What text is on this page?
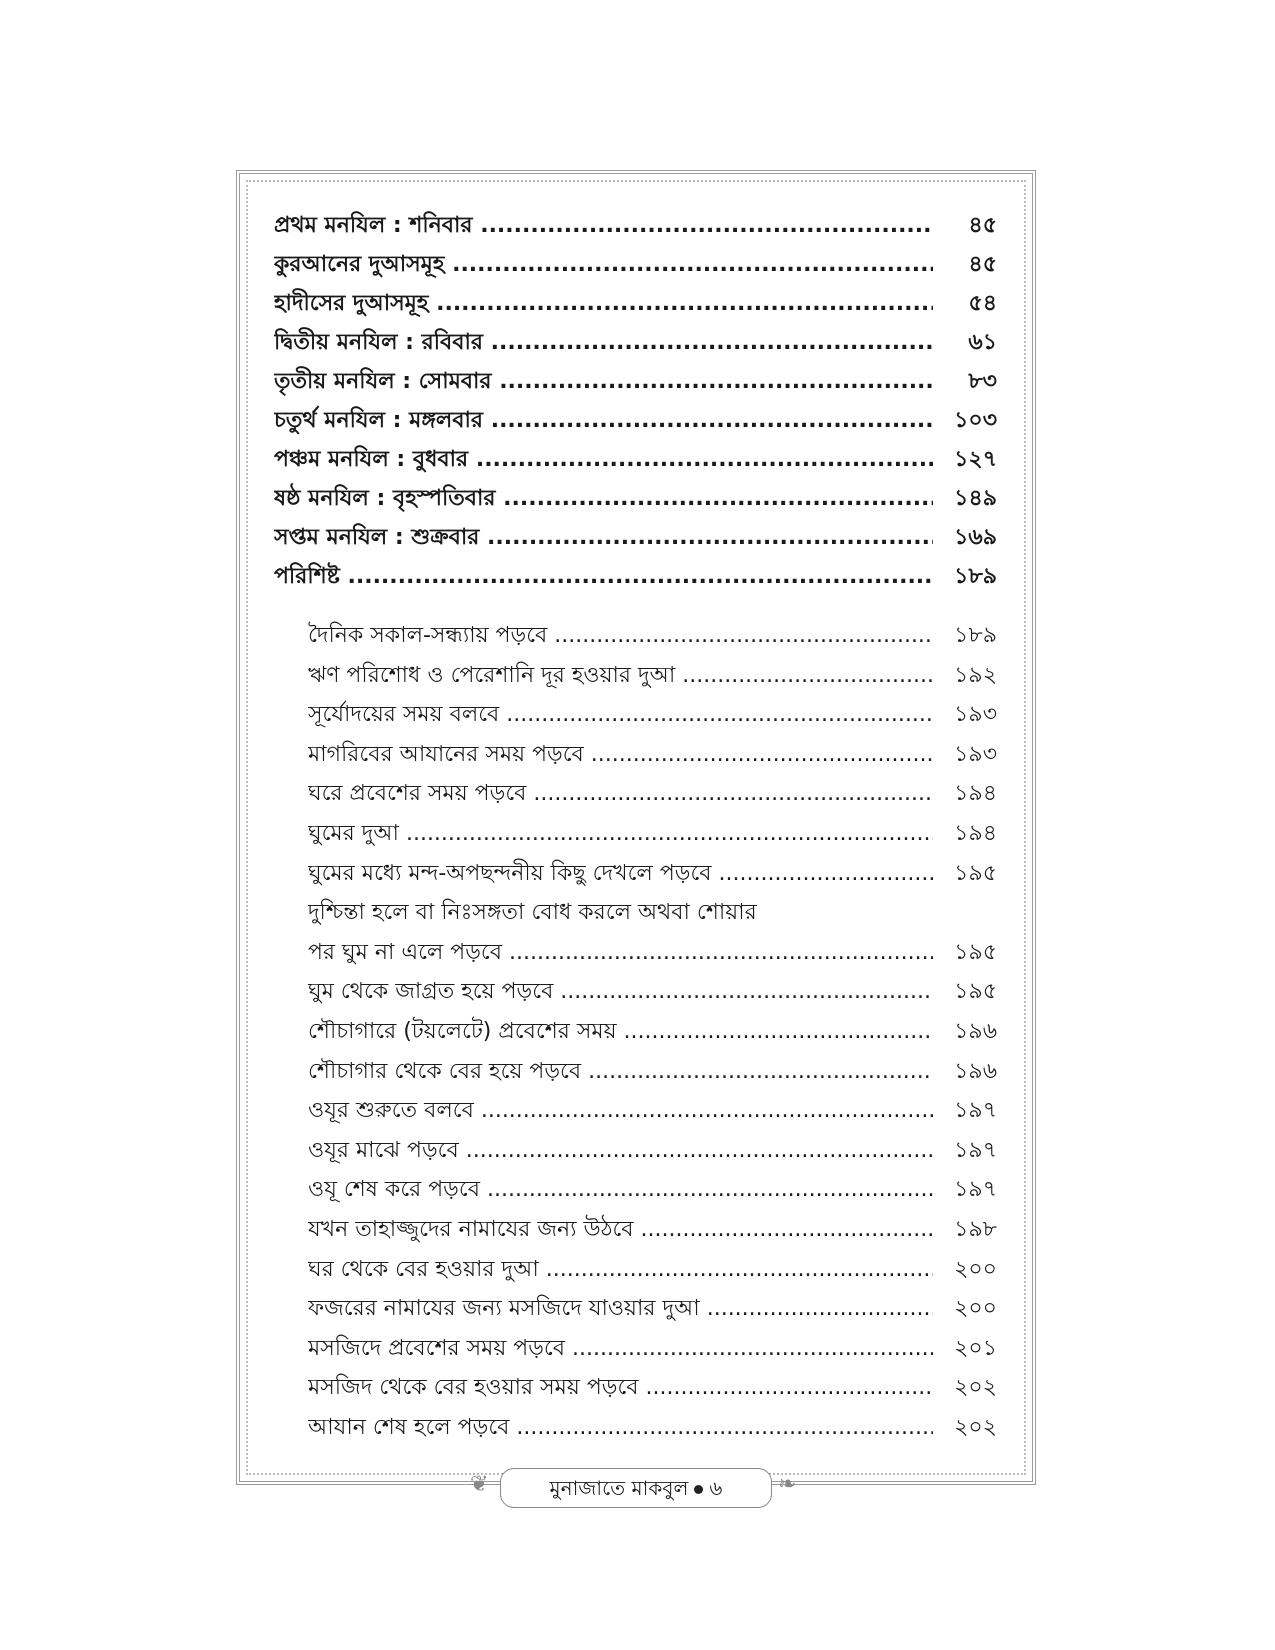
প্রথম মনযিল : শনিবার .....	৪৫
কুরআনের দুআসমূহ .....	৪৫
হাদীসের দুআসমূহ .....	৫৪
দ্বিতীয় মনযিল : রবিবার .....	৬১
তৃতীয় মনযিল : সোমবার .....	৮৩
চতুর্থ মনযিল : মঙ্গলবার .....	১০৩
পঞ্চম মনযিল : বুধবার .....	১২৭
ষষ্ঠ মনযিল : বৃহস্পতিবার .....	১৪৯
সপ্তম মনযিল : শুক্রবার .....	১৬৯
পরিশিষ্ট .....	১৮৯
দৈনিক সকাল-সন্ধ্যায় পড়বে .....	১৮৯
ঋণ পরিশোধ ও পেরেশানি দূর হওয়ার দুআ .....	১৯২
সূর্যোদয়ের সময় বলবে .....	১৯৩
মাগরিবের আযানের সময় পড়বে .....	১৯৩
ঘরে প্রবেশের সময় পড়বে .....	১৯৪
ঘুমের দুআ .....	১৯৪
ঘুমের মধ্যে মন্দ-অপছন্দনীয় কিছু দেখলে পড়বে .....	১৯৫
দুশ্চিন্তা হলে বা নিঃসঙ্গতা বোধ করলে অথবা শোয়ার
পর ঘুম না এলে পড়বে .....	১৯৫
ঘুম থেকে জাগ্রত হয়ে পড়বে .....	১৯৫
শৌচাগারে (টয়লেটে) প্রবেশের সময় .....	১৯৬
শৌচাগার থেকে বের হয়ে পড়বে .....	১৯৬
ওযূর শুরুতে বলবে .....	১৯৭
ওযূর মাঝে পড়বে .....	১৯৭
ওযূ শেষ করে পড়বে .....	১৯৭
যখন তাহাজ্জুদের নামাযের জন্য উঠবে .....	১৯৮
ঘর থেকে বের হওয়ার দুআ .....	২০০
ফজরের নামাযের জন্য মসজিদে যাওয়ার দুআ .....	২০০
মসজিদে প্রবেশের সময় পড়বে .....	২০১
মসজিদ থেকে বের হওয়ার সময় পড়বে .....	২০২
আযান শেষ হলে পড়বে .....	২০২
❦	মুনাজাতে মাকবুল ৬	❧
